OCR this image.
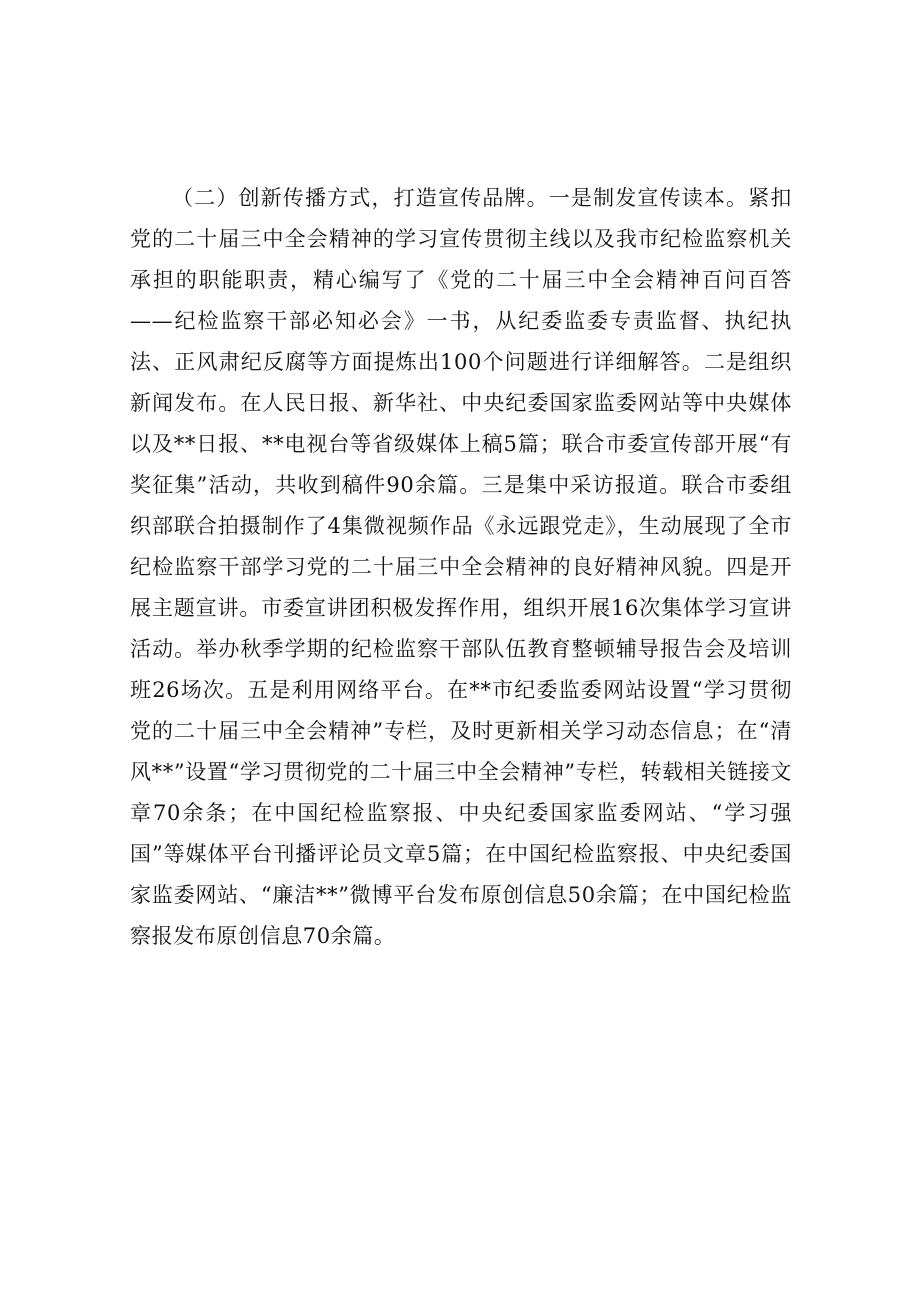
（二）创新传播方式，打造宣传品牌。一是制发宣传读本。紧扣党的二十届三中全会精神的学习宣传贯彻主线以及我市纪检监察机关承担的职能职责，精心编写了《党的二十届三中全会精神百问百答——纪检监察干部必知必会》一书，从纪委监委专责监督、执纪执法、正风肃纪反腐等方面提炼出100个问题进行详细解答。二是组织新闻发布。在人民日报、新华社、中央纪委国家监委网站等中央媒体以及**日报、**电视台等省级媒体上稿5篇；联合市委宣传部开展“有奖征集”活动，共收到稿件90余篇。三是集中采访报道。联合市委组织部联合拍摄制作了4集微视频作品《永远跟党走》，生动展现了全市纪检监察干部学习党的二十届三中全会精神的良好精神风貌。四是开展主题宣讲。市委宣讲团积极发挥作用，组织开展16次集体学习宣讲活动。举办秋季学期的纪检监察干部队伍教育整顿辅导报告会及培训班26场次。五是利用网络平台。在**市纪委监委网站设置“学习贯彻党的二十届三中全会精神”专栏，及时更新相关学习动态信息；在“清风**”设置“学习贯彻党的二十届三中全会精神”专栏，转载相关链接文章70余条；在中国纪检监察报、中央纪委国家监委网站、“学习强国”等媒体平台刊播评论员文章5篇；在中国纪检监察报、中央纪委国家监委网站、“廉洁**”微博平台发布原创信息50余篇；在中国纪检监察报发布原创信息70余篇。
